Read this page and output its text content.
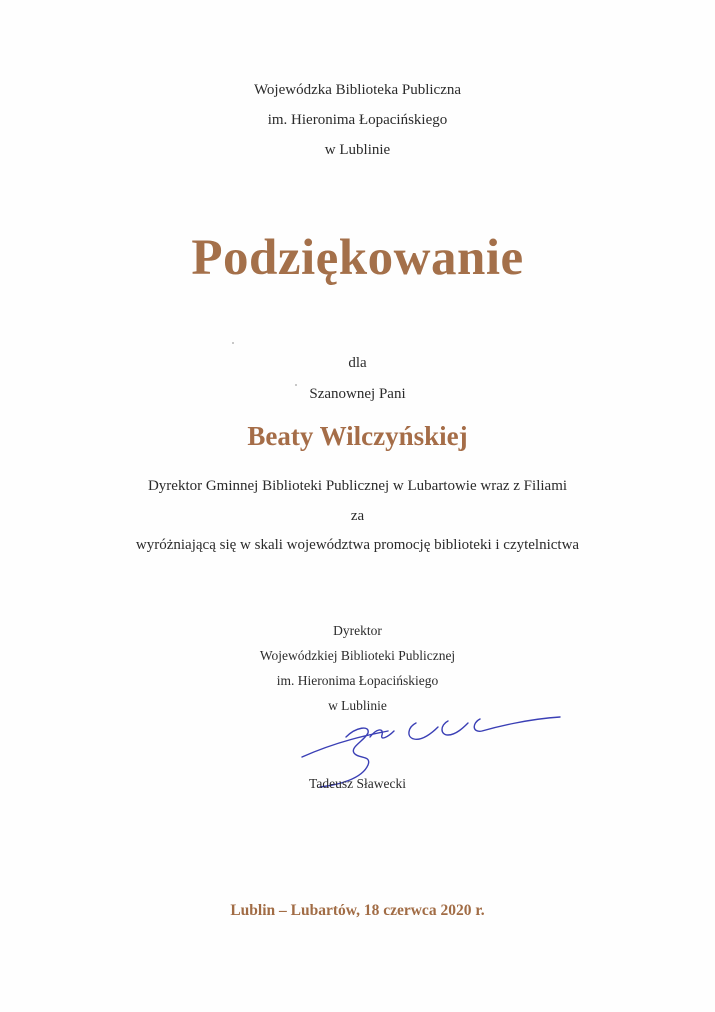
Wojewódzka Biblioteka Publiczna
im. Hieronima Łopacińskiego
w Lublinie
Podziękowanie
dla
Szanownej Pani
Beaty Wilczyńskiej
Dyrektor Gminnej Biblioteki Publicznej w Lubartowie wraz z Filiami
za
wyróżniającą się w skali województwa promocję biblioteki i czytelnictwa
Dyrektor
Wojewódzkiej Biblioteki Publicznej
im. Hieronima Łopacińskiego
w Lublinie
Tadeusz Sławecki
Lublin – Lubartów, 18 czerwca 2020 r.
